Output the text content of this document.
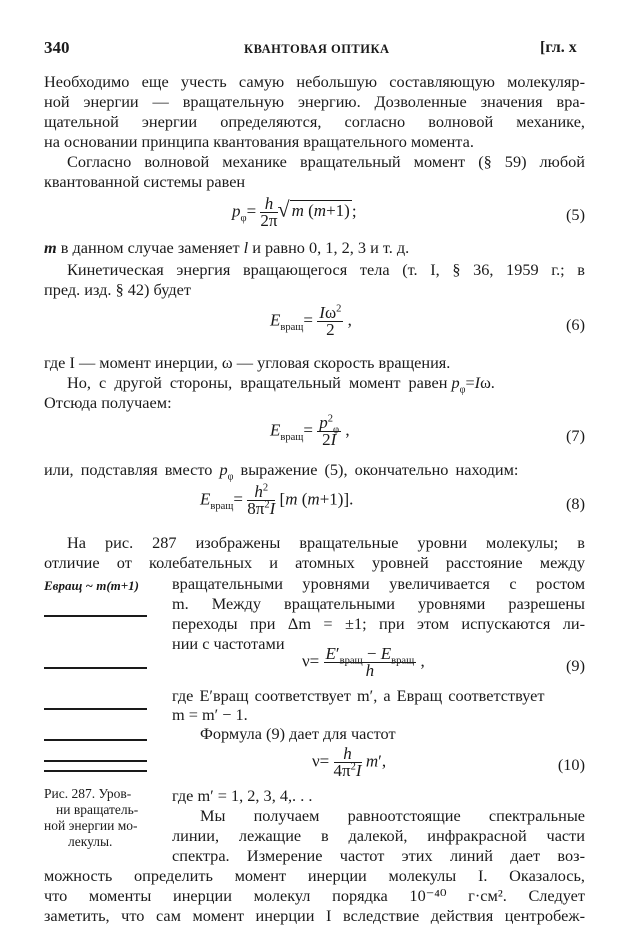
340	КВАНТОВАЯ ОПТИКА	[гл. x
Необходимо еще учесть самую небольшую составляющую молекуляр-
ной энергии — вращательную энергию. Дозволенные значения вра-
щательной энергии определяются, согласно волновой механике,
на основании принципа квантования вращательного момента.
Согласно волновой механике вращательный момент (§ 59) любой
квантованной системы равен
$p_\varphi= \frac{h}{2\pi}$ √ m (m+1) ;	(5)
m в данном случае заменяет l и равно 0, 1, 2, 3 и т. д.
Кинетическая энергия вращающегося тела (т. I, § 36, 1959 г.; в
пред. изд. § 42) будет
$E_{вращ}= \frac{I\omega^2}{2}$ ,	(6)
где I — момент инерции, ω — угловая скорость вращения.
Но, с другой стороны, вращательный момент равен $p_\varphi=I\omega$.
Отсюда получаем:
$E_{вращ}= \frac{p^2_\varphi}{2I}$ ,	(7)
или, подставляя вместо $p_\varphi$ выражение (5), окончательно находим:
$E_{вращ}= \frac{h^2}{8\pi^2I} [m$ (m+1)].	(8)
На рис. 287 изображены вращательные уровни молекулы; в
отличие от колебательных и атомных уровней расстояние между
Eвращ ~ m(m+1)
Рис. 287. Уров-
ни вращатель-
ной энергии мо-
лекулы.
вращательными уровнями увеличивается с ростом
m. Между вращательными уровнями разрешены
переходы при Δm = ±1; при этом испускаются ли-
нии с частотами
$\nu= \frac{E'_{вращ} - E_{вращ}}{h}$ ,	(9)
где E′вращ соответствует m′, а Eвращ соответствует
m = m′ − 1.
Формула (9) дает для частот
$\nu= \frac{h}{4\pi^2I} m'$,	(10)
где m′ = 1, 2, 3, 4,. . .
Мы получаем равноотстоящие спектральные
линии, лежащие в далекой, инфракрасной части
спектра. Измерение частот этих линий дает воз-
можность определить момент инерции молекулы I. Оказалось,
что моменты инерции молекул порядка 10⁻⁴⁰ г·см². Следует
заметить, что сам момент инерции I вследствие действия центробеж-
